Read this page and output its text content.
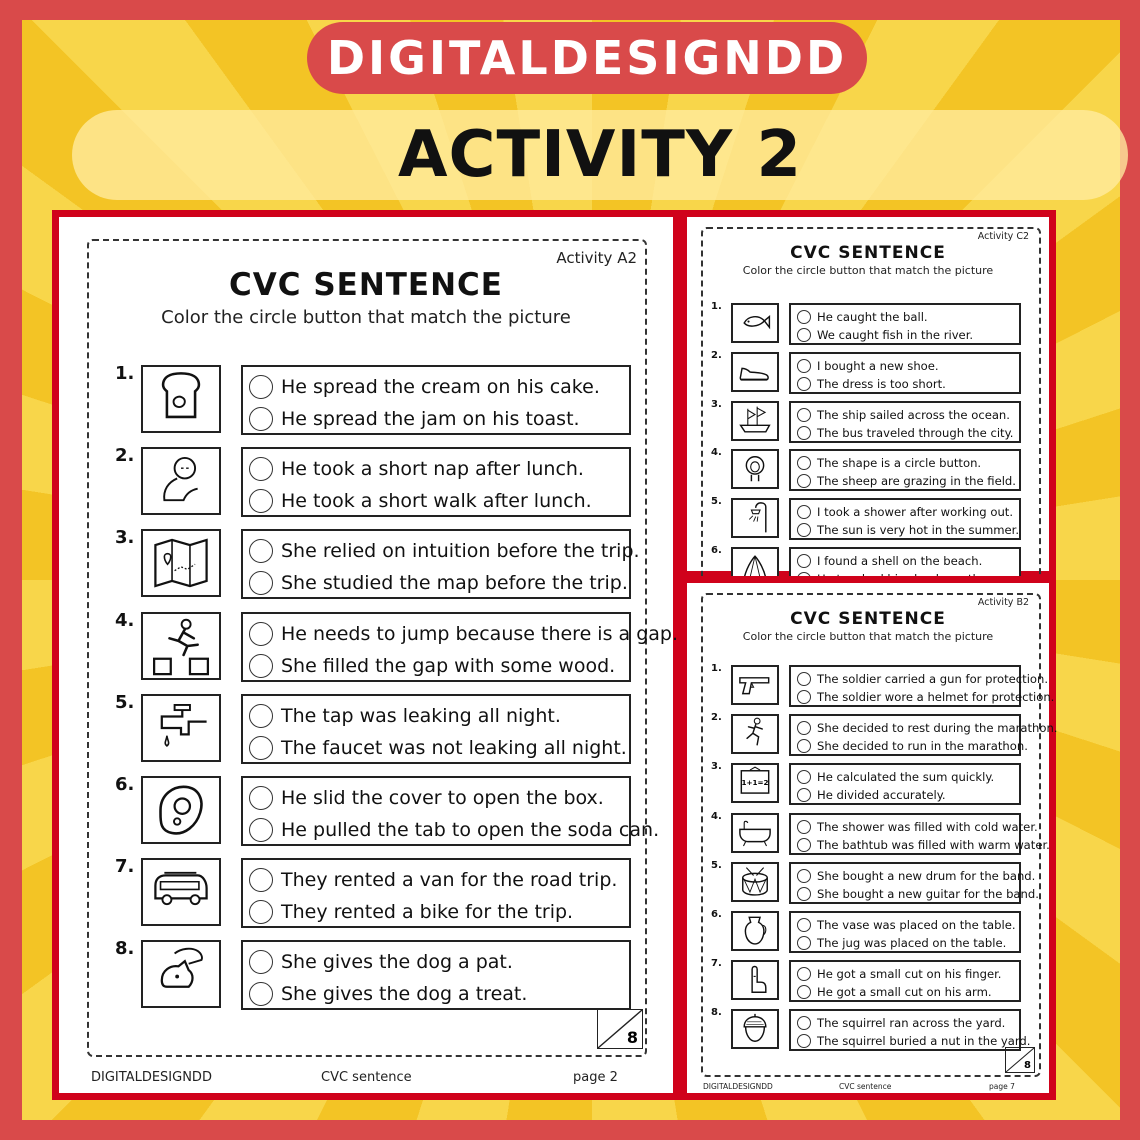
DIGITALDESIGNDD
ACTIVITY 2
Activity A2
CVC SENTENCE
Color the circle button that match the picture
1.
He spread the cream on his cake.
He spread the jam on his toast.
2.
He took a short nap after lunch.
He took a short walk after lunch.
3.
She relied on intuition before the trip.
She studied the map before the trip.
4.
He needs to jump because there is a gap.
She filled the gap with some wood.
5.
The tap was leaking all night.
The faucet was not leaking all night.
6.
He slid the cover to open the box.
He pulled the tab to open the soda can.
7.
They rented a van for the road trip.
They rented a bike for the trip.
8.
She gives the dog a pat.
She gives the dog a treat.
8
DIGITALDESIGNDD	CVC sentence	page 2
Activity C2
CVC SENTENCE
Color the circle button that match the picture
1.
He caught the ball.
We caught fish in the river.
2.
I bought a new shoe.
The dress is too short.
3.
The ship sailed across the ocean.
The bus traveled through the city.
4.
The shape is a circle button.
The sheep are grazing in the field.
5.
I took a shower after working out.
The sun is very hot in the summer.
6.
I found a shell on the beach.
Activity B2
CVC SENTENCE
Color the circle button that match the picture
1.
The soldier carried a gun for protection.
The soldier wore a helmet for protection.
2.
She decided to rest during the marathon.
She decided to run in the marathon.
3.
1+1=2	He calculated the sum quickly.
He divided accurately.
4.
The shower was filled with cold water.
The bathtub was filled with warm water.
5.
She bought a new drum for the band.
She bought a new guitar for the band.
6.
The vase was placed on the table.
The jug was placed on the table.
7.
He got a small cut on his finger.
He got a small cut on his arm.
8.
The squirrel ran across the yard.
The squirrel buried a nut in the yard.
8
DIGITALDESIGNDD	CVC sentence	page 7
